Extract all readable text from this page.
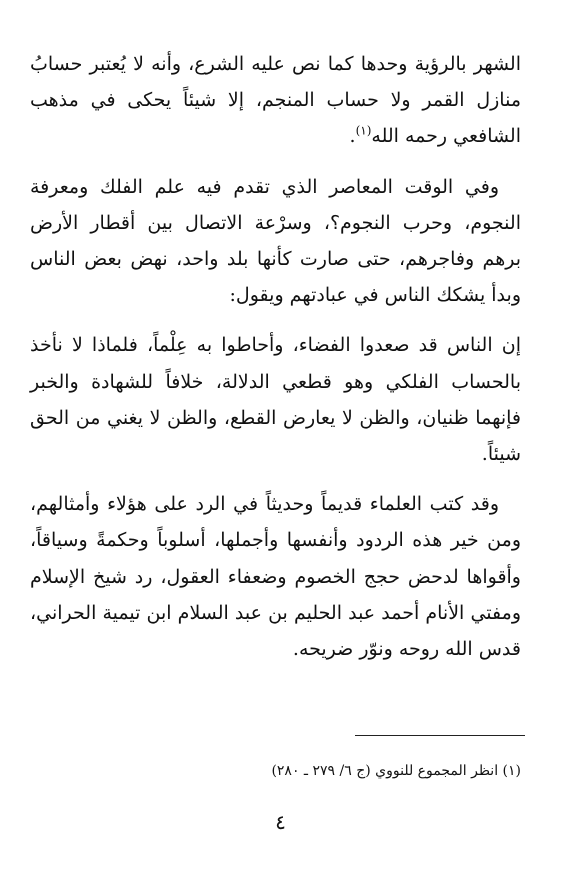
الشهر بالرؤية وحدها كما نص عليه الشرع، وأنه لا يُعتبر حسابُ منازل القمر ولا حساب المنجم، إلا شيئاً يحكى في مذهب الشافعي رحمه الله$^{(١)}$.

وفي الوقت المعاصر الذي تقدم فيه علم الفلك ومعرفة النجوم، وحرب النجوم؟، وسرْعة الاتصال بين أقطار الأرض برهم وفاجرهم، حتى صارت كأنها بلد واحد، نهض بعض الناس وبدأ يشكك الناس في عبادتهم ويقول:

إن الناس قد صعدوا الفضاء، وأحاطوا به عِلْماً، فلماذا لا نأخذ بالحساب الفلكي وهو قطعي الدلالة، خلافاً للشهادة والخبر فإنهما ظنيان، والظن لا يعارض القطع، والظن لا يغني من الحق شيئاً.

وقد كتب العلماء قديماً وحديثاً في الرد على هؤلاء وأمثالهم، ومن خير هذه الردود وأنفسها وأجملها، أسلوباً وحكمةً وسياقاً، وأقواها لدحض حجج الخصوم وضعفاء العقول، رد شيخ الإسلام ومفتي الأنام أحمد عبد الحليم بن عبد السلام ابن تيمية الحراني، قدس الله روحه ونوّر ضريحه.

(١) انظر المجموع للنووي (ج ٦/ ٢٧٩ ـ ٢٨٠)

٤
